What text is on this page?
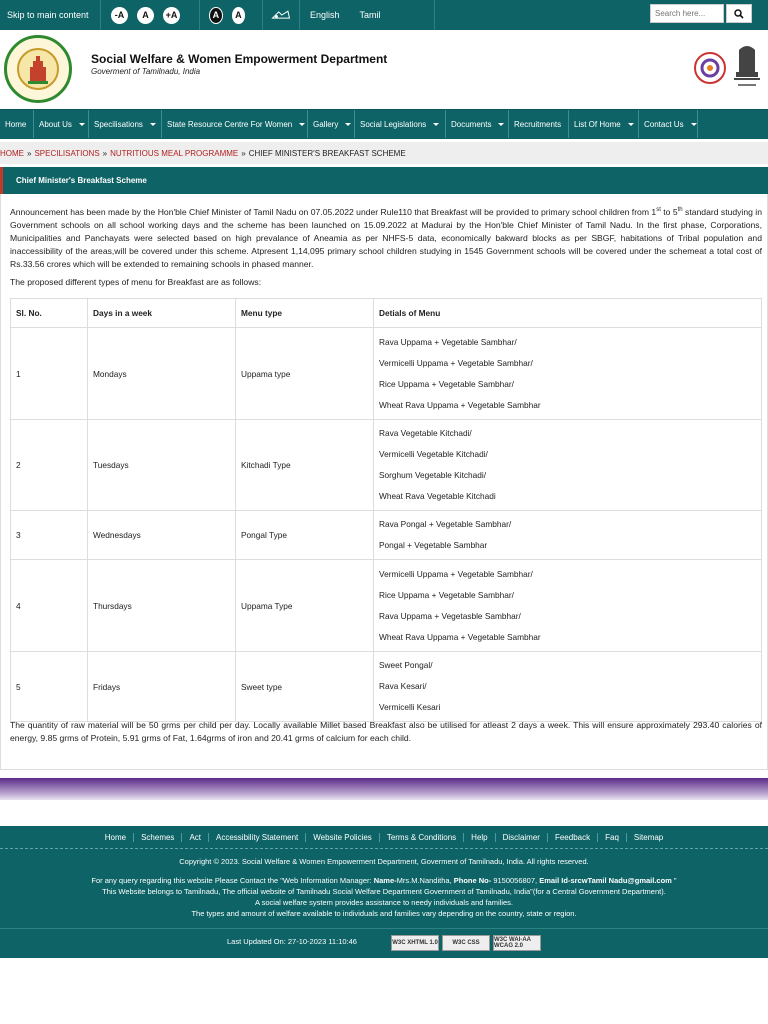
Skip to main content	-A	A	+A	A	A	English Tamil
Search here...
Social Welfare & Women Empowerment Department
Goverment of Tamilnadu, India
Home About Us	Specilisations	State Resource Centre For Women	Gallery	Social Legislations	Documents	Recruitments List Of Home	Contact Us
HOME » SPECILISATIONS » NUTRITIOUS MEAL PROGRAMME » CHIEF MINISTER'S BREAKFAST SCHEME
Chief Minister's Breakfast Scheme

Announcement has been made by the Hon'ble Chief Minister of Tamil Nadu on 07.05.2022 under Rule110 that Breakfast will be provided to primary school children from 1st to 5th standard studying in Government schools on all school working days and the scheme has been launched on 15.09.2022 at Madurai by the Hon'ble Chief Minister of Tamil Nadu. In the first phase, Corporations, Municipalities and Panchayats were selected based on high prevalance of Aneamia as per NHFS-5 data, economically bakward blocks as per SBGF, habitations of Tribal population and inaccessibility of the areas,will be covered under this scheme. Atpresent 1,14,095 primary school children studying in 1545 Government schools will be covered under the schemeat a total cost of Rs.33.56 crores which will be extended to remaining schools in phased manner.

The proposed different types of menu for Breakfast are as follows:

Sl. No.	Days in a week	Menu type	Detials of Menu
1	Mondays	Uppama type	Rava Uppama + Vegetable Sambhar/
Vermicelli Uppama + Vegetable Sambhar/
Rice Uppama + Vegetable Sambhar/
Wheat Rava Uppama + Vegetable Sambhar

2	Tuesdays	Kitchadi Type	Rava Vegetable Kitchadi/
Vermicelli Vegetable Kitchadi/
Sorghum Vegetable Kitchadi/
Wheat Rava Vegetable Kitchadi

3	Wednesdays	Pongal Type	Rava Pongal + Vegetable Sambhar/
Pongal + Vegetable Sambhar

4	Thursdays	Uppama Type	Vermicelli Uppama + Vegetable Sambhar/
Rice Uppama + Vegetable Sambhar/
Rava Uppama + Vegetasble Sambhar/
Wheat Rava Uppama + Vegetable Sambhar

5	Fridays	Sweet type	Sweet Pongal/
Rava Kesari/
Vermicelli Kesari

The quantity of raw material will be 50 grms per child per day. Locally available Millet based Breakfast also be utilised for atleast 2 days a week. This will ensure approximately 293.40 calories of energy, 9.85 grms of Protein, 5.91 grms of Fat, 1.64grms of iron and 20.41 grms of calcium for each child.

Home	Schemes	Act	Accessibility Statement	Website Policies	Terms & Conditions	Help	Disclaimer	Feedback	Faq	Sitemap
Copyright © 2023. Social Welfare & Women Empowerment Department, Goverment of Tamilnadu, India. All rights reserved.
For any query regarding this website Please Contact the "Web Information Manager: Name-Mrs.M.Nanditha, Phone No- 9150056807, Email Id-srcwTamil Nadu@gmail.com "
This Website belongs to Tamilnadu, The official website of Tamilnadu Social Welfare Department Government of Tamilnadu, India"(for a Central Government Department).
A social welfare system provides assistance to needy individuals and families.
The types and amount of welfare available to individuals and families vary depending on the country, state or region.
Last Updated On: 27-10-2023 11:10:46	W3C XHTML 1.0	W3C CSS	W3C WAI-AA WCAG 2.0
